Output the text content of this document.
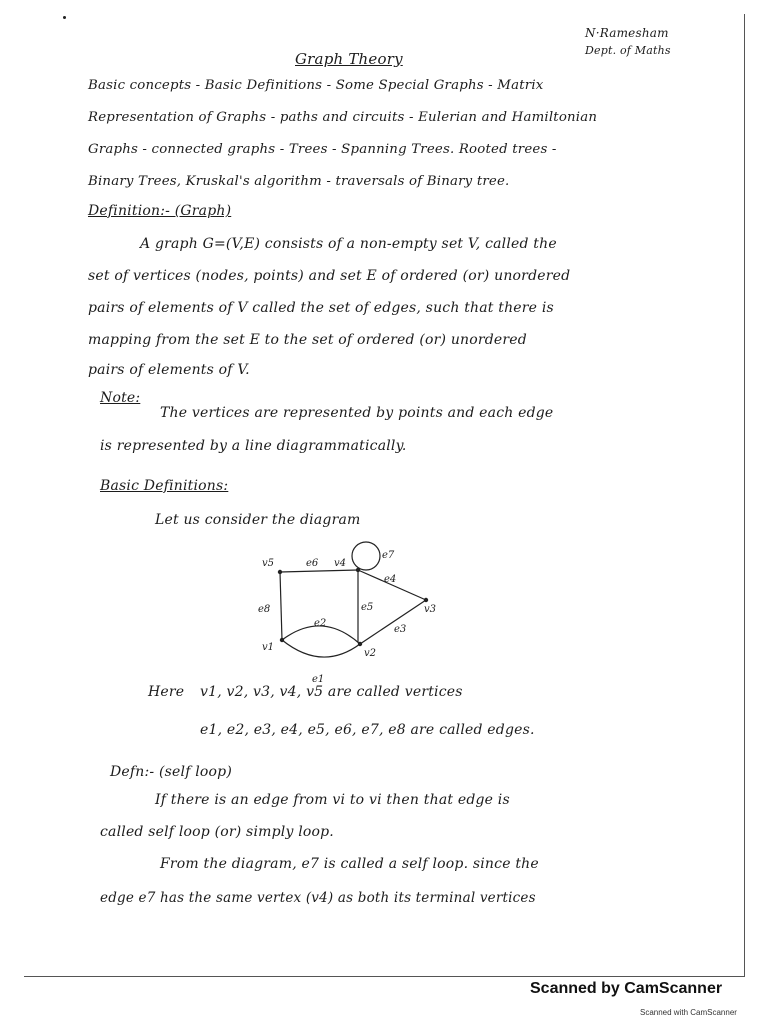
N·Ramesham
Dept. of Maths
Graph Theory
Basic concepts - Basic Definitions - Some Special Graphs - Matrix
Representation of Graphs - paths and circuits - Eulerian and Hamiltonian
Graphs - connected graphs - Trees - Spanning Trees. Rooted trees -
Binary Trees, Kruskal's algorithm - traversals of Binary tree.
Definition:- (Graph)
A graph G=(V,E) consists of a non-empty set V, called the
set of vertices (nodes, points) and set E of ordered (or) unordered
pairs of elements of V called the set of edges, such that there is
mapping from the set E to the set of ordered (or) unordered
pairs of elements of V.
Note:
The vertices are represented by points and each edge
is represented by a line diagrammatically.
Basic Definitions:
Let us consider the diagram
v5	v4
v3
v1
v2
e1
e2
e3
e4
e5
e6
e7
e8
Here v1, v2, v3, v4, v5 are called vertices
e1, e2, e3, e4, e5, e6, e7, e8 are called edges.
Defn:- (self loop)
If there is an edge from vi to vi then that edge is
called self loop (or) simply loop.
From the diagram, e7 is called a self loop. since the
edge e7 has the same vertex (v4) as both its terminal vertices
Scanned by CamScanner
Scanned with CamScanner
